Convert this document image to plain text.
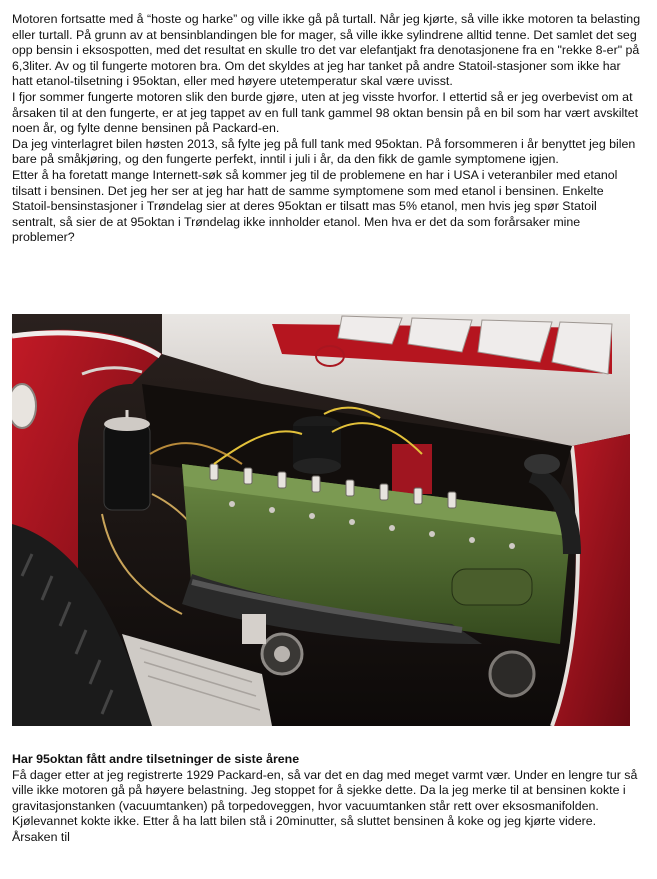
Motoren fortsatte med å “hoste og harke” og ville ikke gå på turtall. Når jeg kjørte, så ville ikke motoren ta belasting eller turtall. På grunn av at bensinblandingen ble for mager, så ville ikke sylindrene alltid tenne. Det samlet det seg opp bensin i eksospotten, med det resultat en skulle tro det var elefantjakt fra denotasjonene fra en "rekke 8-er" på 6,3liter. Av og til fungerte motoren bra. Om det skyldes at jeg har tanket på andre Statoil-stasjoner som ikke har hatt etanol-tilsetning i 95oktan, eller med høyere utetemperatur skal være uvisst.

I fjor sommer fungerte motoren slik den burde gjøre, uten at jeg visste hvorfor. I ettertid så er jeg overbevist om at årsaken til at den fungerte, er at jeg tappet av en full tank gammel 98 oktan bensin på en bil som har vært avskiltet noen år, og fylte denne bensinen på Packard-en.

Da jeg vinterlagret bilen høsten 2013, så fylte jeg på full tank med 95oktan. På forsommeren i år benyttet jeg bilen bare på småkjøring, og den fungerte perfekt, inntil i juli i år, da den fikk de gamle symptomene igjen.

Etter å ha foretatt mange Internett-søk så kommer jeg til de problemene en har i USA i veteranbiler med etanol tilsatt i bensinen. Det jeg her ser at jeg har hatt de samme symptomene som med etanol i bensinen. Enkelte Statoil-bensinstasjoner i Trøndelag sier at deres 95oktan er tilsatt mas 5% etanol, men hvis jeg spør Statoil sentralt, så sier de at 95oktan i Trøndelag ikke innholder etanol. Men hva er det da som forårsaker mine problemer?

Har 95oktan fått andre tilsetninger de siste årene

Få dager etter at jeg registrerte 1929 Packard-en, så var det en dag med meget varmt vær. Under en lengre tur så ville ikke motoren gå på høyere belastning. Jeg stoppet for å sjekke dette. Da la jeg merke til at bensinen kokte i gravitasjonstanken (vacuumtanken) på torpedoveggen, hvor vacuumtanken står rett over eksosmanifolden. Kjølevannet kokte ikke. Etter å ha latt bilen stå i 20minutter, så sluttet bensinen å koke og jeg kjørte videre. Årsaken til
